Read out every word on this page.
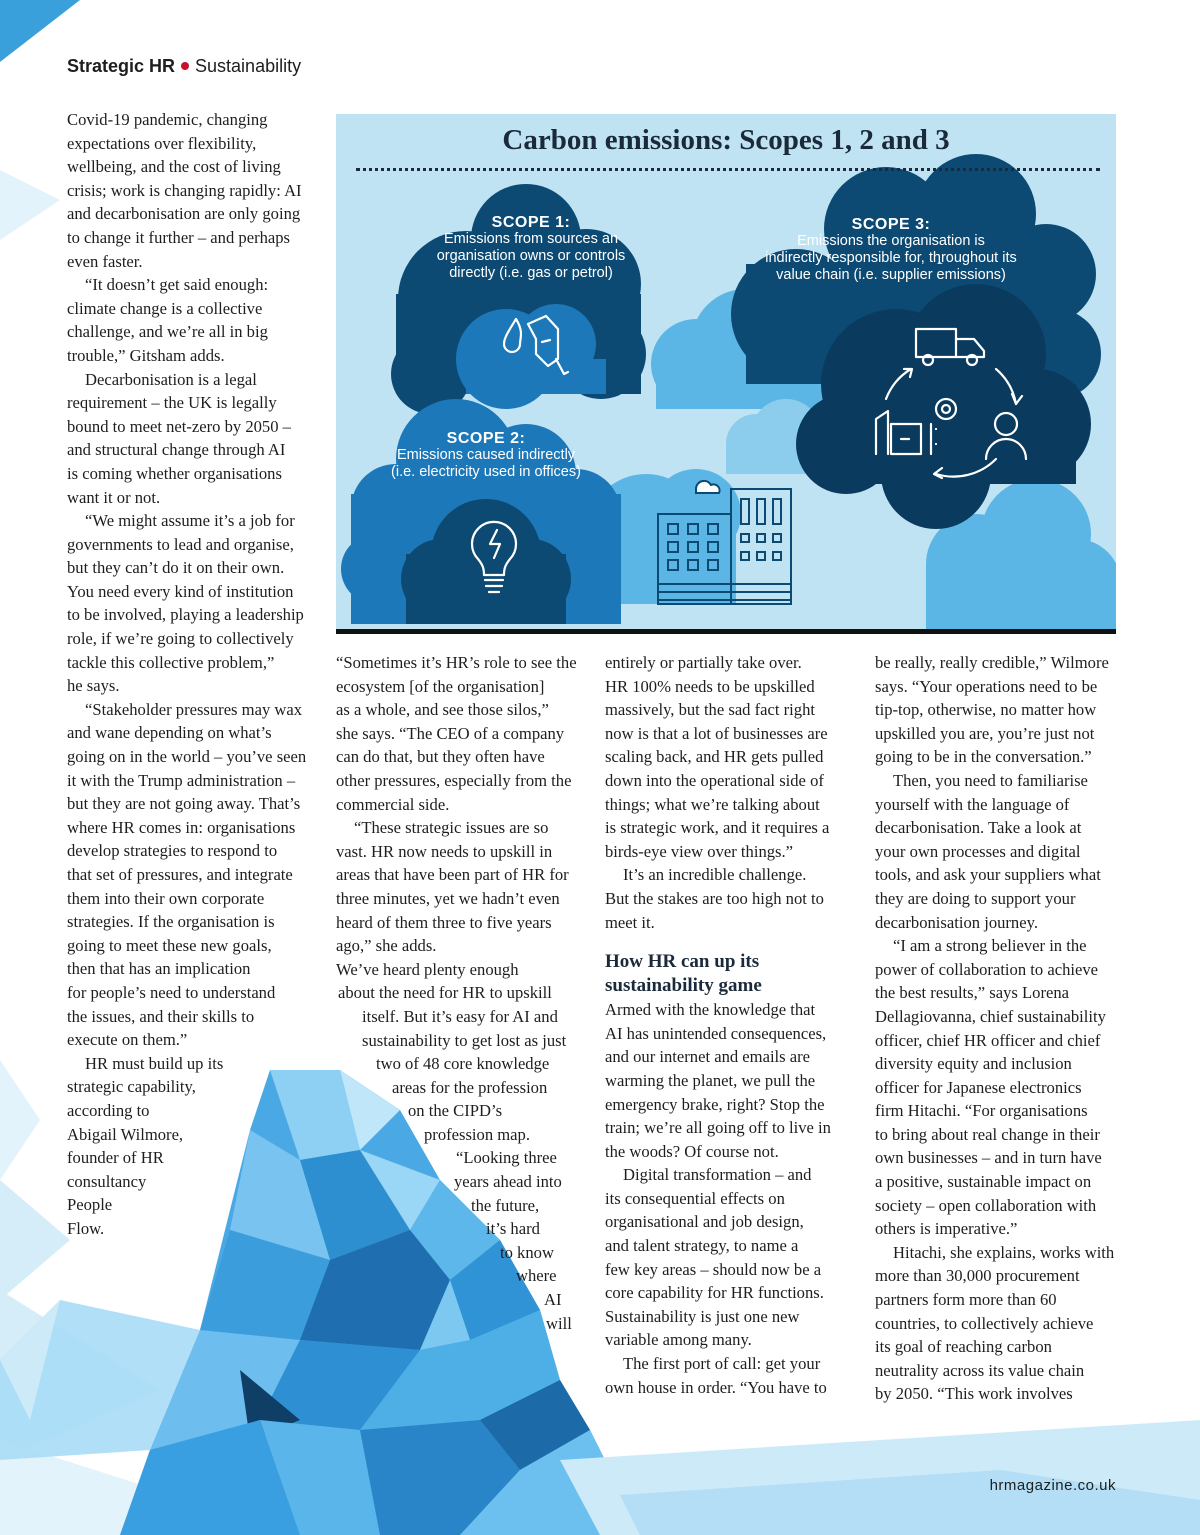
Strategic HR Sustainability
Carbon emissions: Scopes 1, 2 and 3
SCOPE 1:
Emissions from sources an
organisation owns or controls
directly (i.e. gas or petrol)
SCOPE 2:
Emissions caused indirectly
(i.e. electricity used in offices)
SCOPE 3:
Emissions the organisation is
indirectly responsible for, throughout its
value chain (i.e. supplier emissions)

Covid-19 pandemic, changing
expectations over flexibility,
wellbeing, and the cost of living
crisis; work is changing rapidly: AI
and decarbonisation are only going
to change it further – and perhaps
even faster.

“It doesn’t get said enough:
climate change is a collective
challenge, and we’re all in big
trouble,” Gitsham adds.

Decarbonisation is a legal
requirement – the UK is legally
bound to meet net-zero by 2050 –
and structural change through AI
is coming whether organisations
want it or not.

“We might assume it’s a job for
governments to lead and organise,
but they can’t do it on their own.
You need every kind of institution
to be involved, playing a leadership
role, if we’re going to collectively
tackle this collective problem,”
he says.

“Stakeholder pressures may wax
and wane depending on what’s
going on in the world – you’ve seen
it with the Trump administration –
but they are not going away. That’s
where HR comes in: organisations
develop strategies to respond to
that set of pressures, and integrate
them into their own corporate
strategies. If the organisation is
going to meet these new goals,
then that has an implication
for people’s need to understand
the issues, and their skills to
execute on them.”

HR must build up its
strategic capability,
according to
Abigail Wilmore,
founder of HR
consultancy
People
Flow.

“Sometimes it’s HR’s role to see the
ecosystem [of the organisation]
as a whole, and see those silos,”
she says. “The CEO of a company
can do that, but they often have
other pressures, especially from the
commercial side.

“These strategic issues are so
vast. HR now needs to upskill in
areas that have been part of HR for
three minutes, yet we hadn’t even
heard of them three to five years
ago,” she adds.

We’ve heard plenty enough
about the need for HR to upskill
itself. But it’s easy for AI and
sustainability to get lost as just
two of 48 core knowledge
areas for the profession
on the CIPD’s
profession map.

“Looking three
years ahead into
the future,
it’s hard
to know
where
AI
will

entirely or partially take over.
HR 100% needs to be upskilled
massively, but the sad fact right
now is that a lot of businesses are
scaling back, and HR gets pulled
down into the operational side of
things; what we’re talking about
is strategic work, and it requires a
birds-eye view over things.”

It’s an incredible challenge.
But the stakes are too high not to
meet it.

How HR can up its
sustainability game

Armed with the knowledge that
AI has unintended consequences,
and our internet and emails are
warming the planet, we pull the
emergency brake, right? Stop the
train; we’re all going off to live in
the woods? Of course not.

Digital transformation – and
its consequential effects on
organisational and job design,
and talent strategy, to name a
few key areas – should now be a
core capability for HR functions.
Sustainability is just one new
variable among many.

The first port of call: get your
own house in order. “You have to

be really, really credible,” Wilmore
says. “Your operations need to be
tip-top, otherwise, no matter how
upskilled you are, you’re just not
going to be in the conversation.”

Then, you need to familiarise
yourself with the language of
decarbonisation. Take a look at
your own processes and digital
tools, and ask your suppliers what
they are doing to support your
decarbonisation journey.

“I am a strong believer in the
power of collaboration to achieve
the best results,” says Lorena
Dellagiovanna, chief sustainability
officer, chief HR officer and chief
diversity equity and inclusion
officer for Japanese electronics
firm Hitachi. “For organisations
to bring about real change in their
own businesses – and in turn have
a positive, sustainable impact on
society – open collaboration with
others is imperative.”

Hitachi, she explains, works with
more than 30,000 procurement
partners form more than 60
countries, to collectively achieve
its goal of reaching carbon
neutrality across its value chain
by 2050. “This work involves

hrmagazine.co.uk
